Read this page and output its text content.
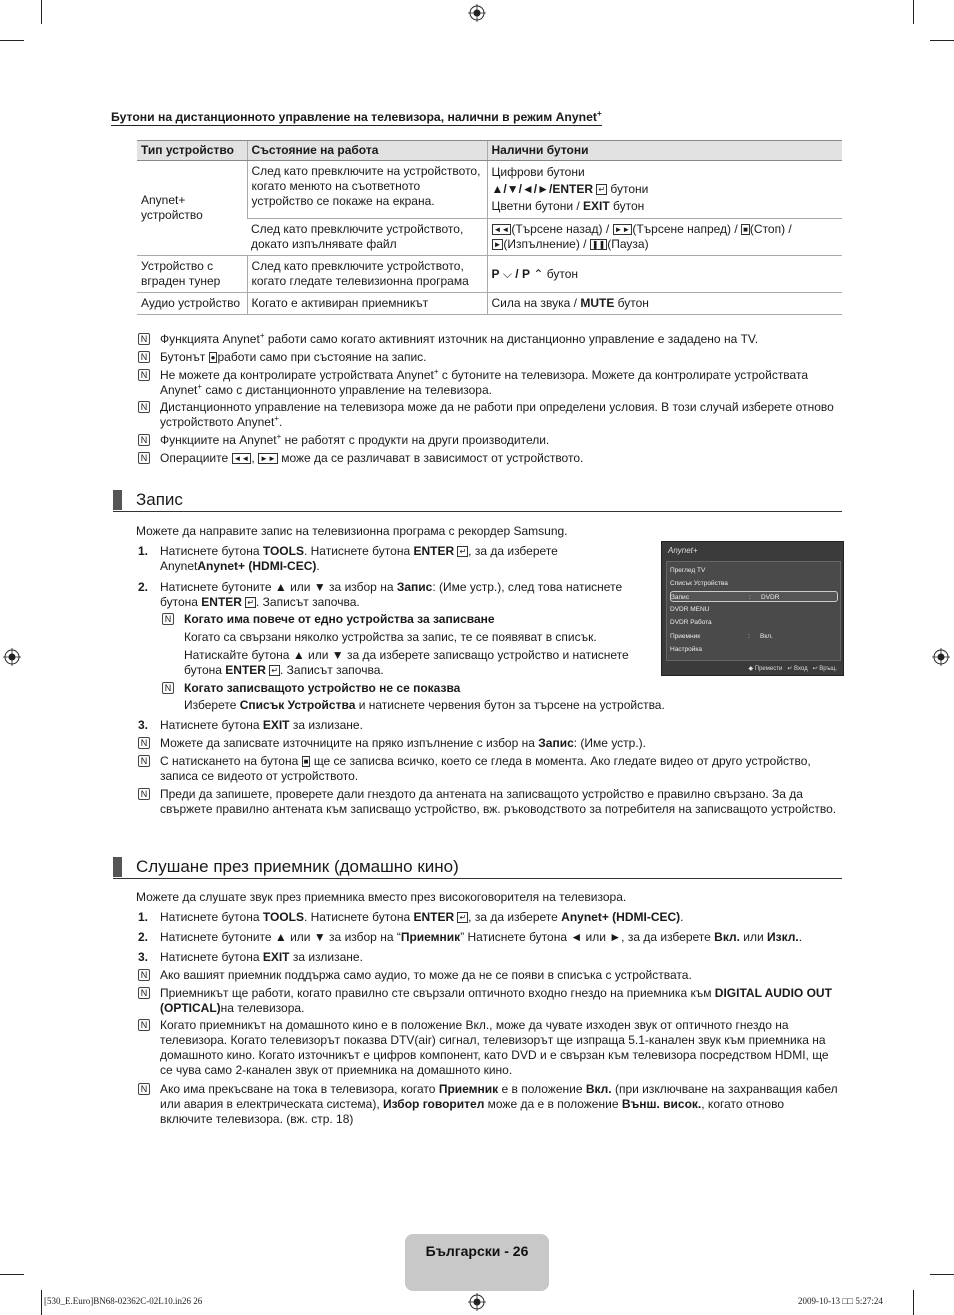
Бутони на дистанционното управление на телевизора, налични в режим Anynet+
Тип устройство	Състояние на работа	Налични бутони
Anynet+ устройство	След като превключите на устройството, когато менюто на съответното устройство се покаже на екрана.	Цифрови бутони
▲/▼/◄/►/ENTER ↵ бутони
Цветни бутони / EXIT бутон

	След като превключите устройството, докато изпълнявате файл	◄◄ (Търсене назад) / ►► (Търсене напред) / ■ (Стоп) /
► (Изпълнение) / ❚❚ (Пауза)
Устройство с вграден тунер	След като превключите устройството, когато гледате телевизионна програма	P ⌵ / P ⌃ бутон
Аудио устройство	Когато е активиран приемникът	Сила на звука / MUTE бутон
N Функцията Anynet+ работи само когато активният източник на дистанционно управление е зададено на TV.
N Бутонът ● работи само при състояние на запис.
N Не можете да контролирате устройствата Anynet+ с бутоните на телевизора. Можете да контролирате устройствата Anynet+ само с дистанционното управление на телевизора.
N Дистанционното управление на телевизора може да не работи при определени условия. В този случай изберете отново устройството Anynet+.
N Функциите на Anynet+ не работят с продукти на други производители.
N Операциите ◄◄ , ►► може да се различават в зависимост от устройството.
Запис
Можете да направите запис на телевизионна програма с рекордер Samsung.
1. Натиснете бутона TOOLS. Натиснете бутона ENTER ↵ , за да изберете AnynetAnynet+ (HDMI-CEC).
2. Натиснете бутоните ▲ или ▼ за избор на Запис: (Име устр.), след това натиснете бутона ENTER ↵ . Записът започва.
N Когато има повече от едно устройства за записване
Когато са свързани няколко устройства за запис, те се появяват в списък.
Натискайте бутона ▲ или ▼ за да изберете записващо устройство и натиснете бутона ENTER ↵ . Записът започва.
N Когато записващото устройство не се показва
Изберете Списък Устройства и натиснете червения бутон за търсене на устройства.
3. Натиснете бутона EXIT за излизане.
N Можете да записвате източниците на пряко изпълнение с избор на Запис: (Име устр.).
N С натискането на бутона ■ ще се записва всичко, което се гледа в момента. Ако гледате видео от друго устройство, записа се видеото от устройството.
N Преди да запишете, проверете дали гнездото да антената на записващото устройство е правилно свързано. За да свържете правилно антената към записващо устройство, вж. ръководството за потребителя на записващото устройство.
Anynet+
Преглед TV
Списък Устройства
Запис	: DVDR
DVDR MENU
DVDR Работа
Приемник	: Вкл.
Настройка
◆ Премести   ↵ Вход   ↩ Връщ.
Слушане през приемник (домашно кино)
Можете да слушате звук през приемника вместо през високоговорителя на телевизора.
1. Натиснете бутона TOOLS. Натиснете бутона ENTER ↵ , за да изберете Anynet+ (HDMI-CEC).
2. Натиснете бутоните ▲ или ▼ за избор на “Приемник” Натиснете бутона ◄ или ►, за да изберете Вкл. или Изкл..
3. Натиснете бутона EXIT за излизане.
N Ако вашият приемник поддържа само аудио, то може да не се появи в списъка с устройствата.
N Приемникът ще работи, когато правилно сте свързали оптичното входно гнездо на приемника към DIGITAL AUDIO OUT (OPTICAL)на телевизора.
N Когато приемникът на домашното кино е в положение Вкл., може да чувате изходен звук от оптичното гнездо на телевизора. Когато телевизорът показва DTV(air) сигнал, телевизорът ще изпраща 5.1-канален звук към приемника на домашното кино. Когато източникът е цифров компонент, като DVD и е свързан към телевизора посредством HDMI, ще се чува само 2-канален звук от приемника на домашното кино.
N Ако има прекъсване на тока в телевизора, когато Приемник е в положение Вкл. (при изключване на захранващия кабел или авария в електрическата система), Избор говорител може да е в положение Външ. висок., когато отново включите телевизора. (вж. стр. 18)
Български - 26
[530_E.Euro]BN68-02362C-02L10.in26 26	2009-10-13 □□ 5:27:24
